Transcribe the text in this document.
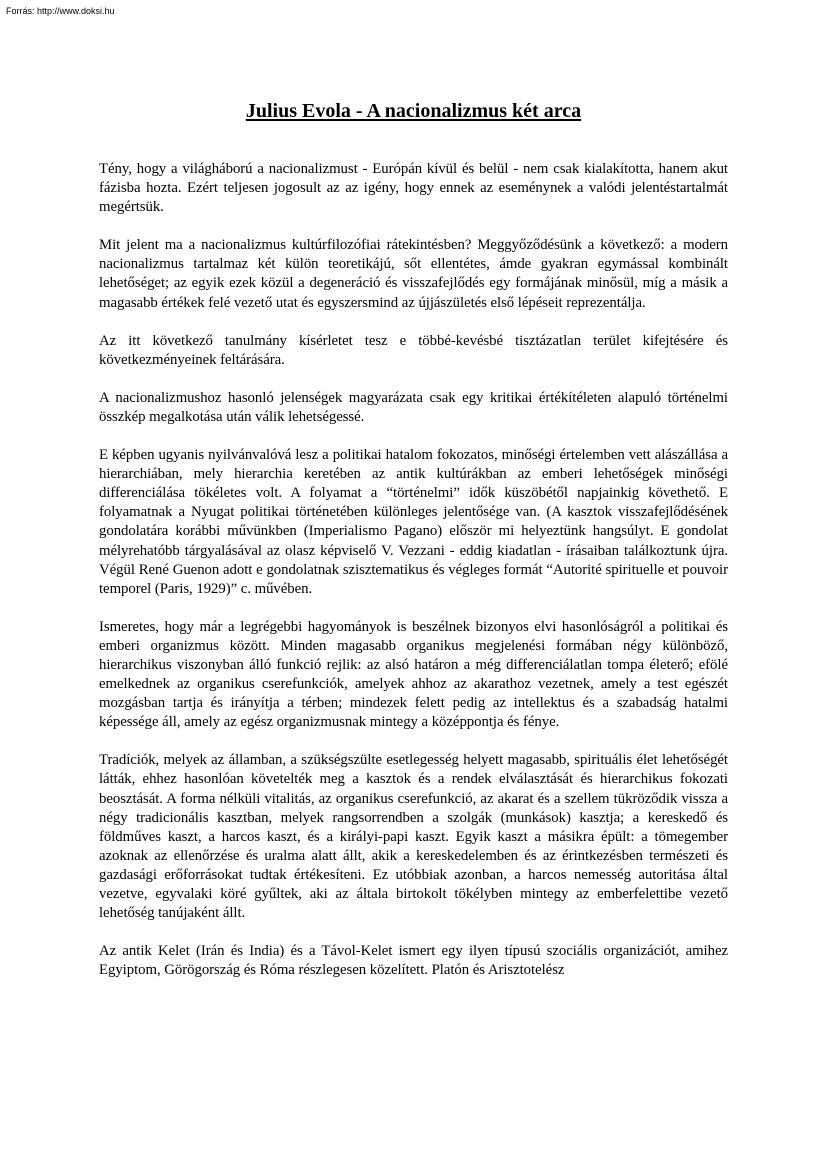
Forrás: http://www.doksi.hu
Julius Evola - A nacionalizmus két arca

Tény, hogy a világháború a nacionalizmust - Európán kívül és belül - nem csak kialakította, hanem akut fázisba hozta. Ezért teljesen jogosult az az igény, hogy ennek az eseménynek a valódi jelentéstartalmát megértsük.

Mit jelent ma a nacionalizmus kultúrfilozófiai rátekintésben? Meggyőződésünk a következő: a modern nacionalizmus tartalmaz két külön teoretikájú, sőt ellentétes, ámde gyakran egymással kombinált lehetőséget; az egyik ezek közül a degeneráció és visszafejlődés egy formájának minősül, míg a másik a magasabb értékek felé vezető utat és egyszersmind az újjászületés első lépéseit reprezentálja.

Az itt következő tanulmány kísérletet tesz e többé-kevésbé tisztázatlan terület kifejtésére és következményeinek feltárására.

A nacionalizmushoz hasonló jelenségek magyarázata csak egy kritikai értékítéleten alapuló történelmi összkép megalkotása után válik lehetségessé.

E képben ugyanis nyilvánvalóvá lesz a politikai hatalom fokozatos, minőségi értelemben vett alászállása a hierarchiában, mely hierarchia keretében az antik kultúrákban az emberi lehetőségek minőségi differenciálása tökéletes volt. A folyamat a “történelmi” idők küszöbétől napjainkig követhető. E folyamatnak a Nyugat politikai történetében különleges jelentősége van. (A kasztok visszafejlődésének gondolatára korábbi művünkben (Imperialismo Pagano) először mi helyeztünk hangsúlyt. E gondolat mélyrehatóbb tárgyalásával az olasz képviselő V. Vezzani - eddig kiadatlan - írásaiban találkoztunk újra. Végül René Guenon adott e gondolatnak szisztematikus és végleges formát “Autorité spirituelle et pouvoir temporel (Paris, 1929)” c. művében.

Ismeretes, hogy már a legrégebbi hagyományok is beszélnek bizonyos elvi hasonlóságról a politikai és emberi organizmus között. Minden magasabb organikus megjelenési formában négy különböző, hierarchikus viszonyban álló funkció rejlik: az alsó határon a még differenciálatlan tompa életerő; efölé emelkednek az organikus cserefunkciók, amelyek ahhoz az akarathoz vezetnek, amely a test egészét mozgásban tartja és irányítja a térben; mindezek felett pedig az intellektus és a szabadság hatalmi képessége áll, amely az egész organizmusnak mintegy a középpontja és fénye.

Tradíciók, melyek az államban, a szükségszülte esetlegesség helyett magasabb, spirituális élet lehetőségét látták, ehhez hasonlóan követelték meg a kasztok és a rendek elválasztását és hierarchikus fokozati beosztását. A forma nélküli vitalitás, az organikus cserefunkció, az akarat és a szellem tükröződik vissza a négy tradicionális kasztban, melyek rangsorrendben a szolgák (munkások) kasztja; a kereskedő és földműves kaszt, a harcos kaszt, és a királyi-papi kaszt. Egyik kaszt a másikra épült: a tömegember azoknak az ellenőrzése és uralma alatt állt, akik a kereskedelemben és az érintkezésben természeti és gazdasági erőforrásokat tudtak értékesíteni. Ez utóbbiak azonban, a harcos nemesség autoritása által vezetve, egyvalaki köré gyűltek, aki az általa birtokolt tökélyben mintegy az emberfelettibe vezető lehetőség tanújaként állt.

Az antik Kelet (Irán és India) és a Távol-Kelet ismert egy ilyen típusú szociális organizációt, amihez Egyiptom, Görögország és Róma részlegesen közelített. Platón és Arisztotelész
